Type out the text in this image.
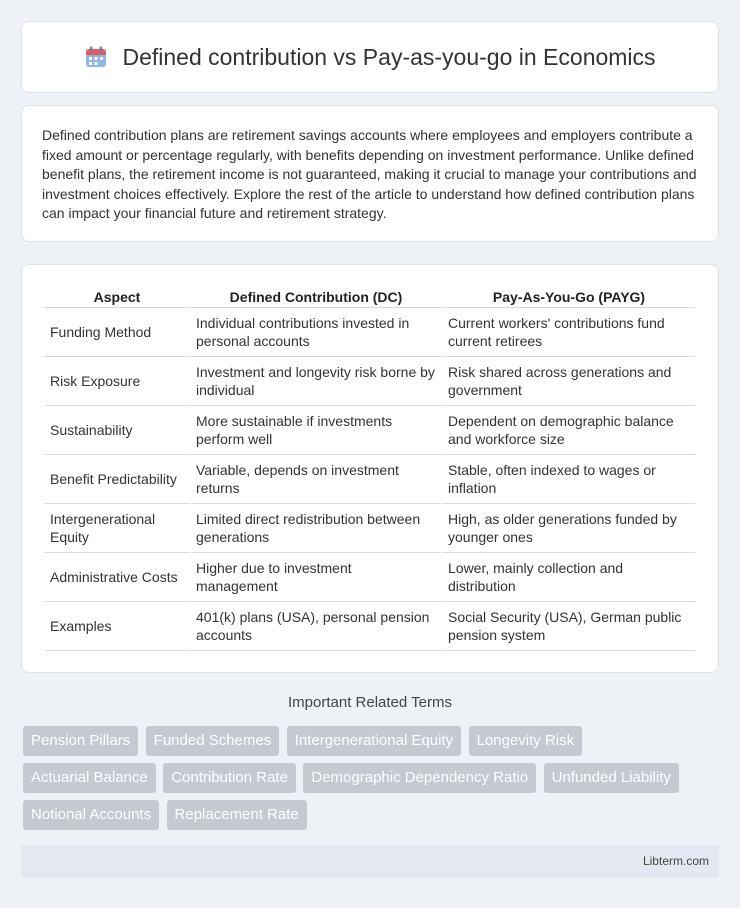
Defined contribution vs Pay-as-you-go in Economics

Defined contribution plans are retirement savings accounts where employees and employers contribute a fixed amount or percentage regularly, with benefits depending on investment performance. Unlike defined benefit plans, the retirement income is not guaranteed, making it crucial to manage your contributions and investment choices effectively. Explore the rest of the article to understand how defined contribution plans can impact your financial future and retirement strategy.

Aspect	Defined Contribution (DC)	Pay-As-You-Go (PAYG)
Funding Method	Individual contributions invested in personal accounts	Current workers' contributions fund current retirees
Risk Exposure	Investment and longevity risk borne by individual	Risk shared across generations and government
Sustainability	More sustainable if investments perform well	Dependent on demographic balance and workforce size
Benefit Predictability	Variable, depends on investment returns	Stable, often indexed to wages or inflation
Intergenerational Equity	Limited direct redistribution between generations	High, as older generations funded by younger ones
Administrative Costs	Higher due to investment management	Lower, mainly collection and distribution
Examples	401(k) plans (USA), personal pension accounts	Social Security (USA), German public pension system
Important Related Terms
Pension Pillars Funded Schemes Intergenerational Equity Longevity Risk Actuarial Balance Contribution Rate Demographic Dependency Ratio Unfunded Liability Notional Accounts Replacement Rate
Libterm.com
